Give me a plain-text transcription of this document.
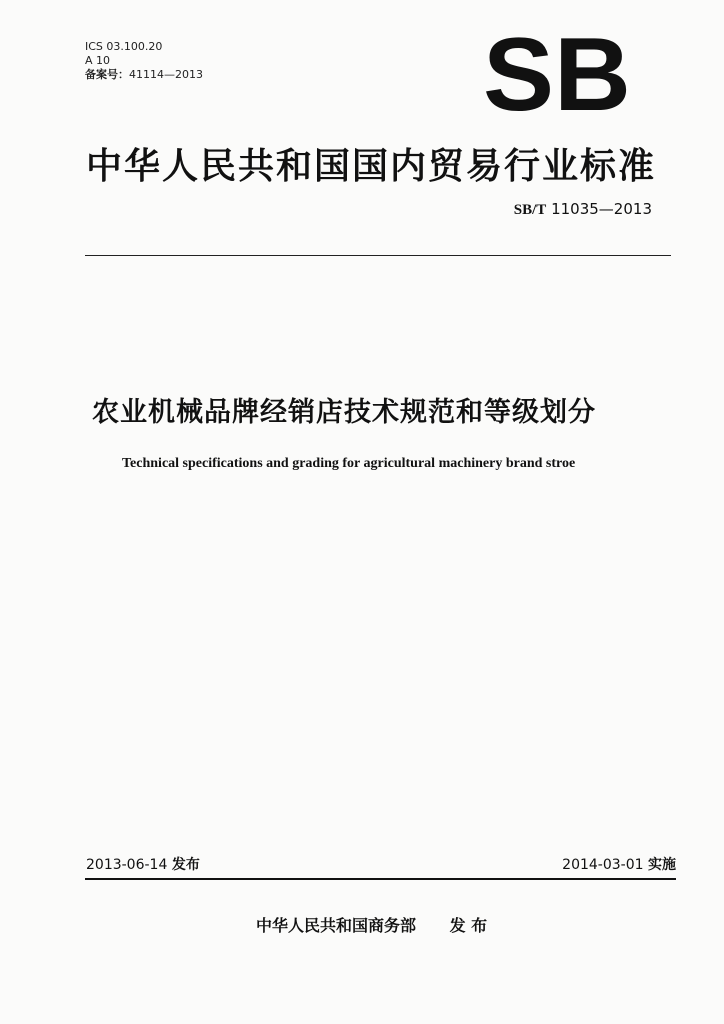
ICS 03.100.20
A 10
备案号：41114—2013	SB
中华人民共和国国内贸易行业标准
SB/T 11035—2013
农业机械品牌经销店技术规范和等级划分
Technical specifications and grading for agricultural machinery brand stroe
2013-06-14 发布	2014-03-01 实施
中华人民共和国商务部 发 布
